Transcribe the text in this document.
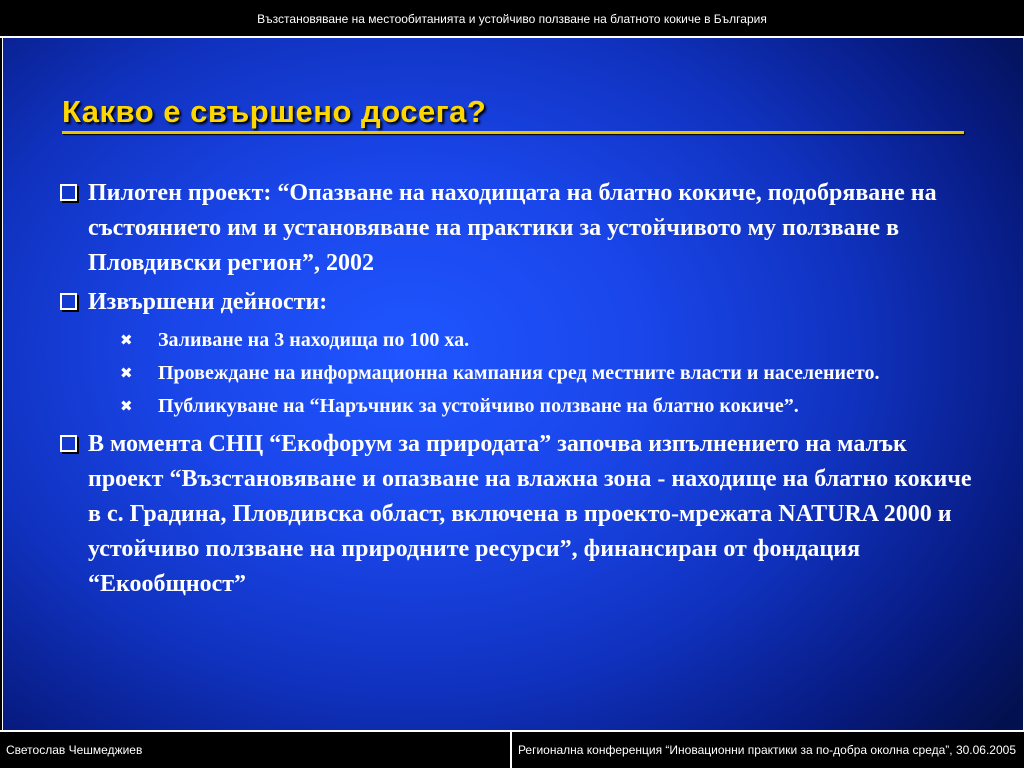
Възстановяване на местообитанията и устойчиво ползване на блатното кокиче в България
Какво е свършено досега?
Пилотен проект: “Опазване на находищата на блатно кокиче, подобряване на състоянието им и установяване на практики за устойчивото му ползване в Пловдивски регион”, 2002
Извършени дейности:
✖ Заливане на 3 находища по 100 ха.
✖ Провеждане на информационна кампания сред местните власти и населението.
✖ Публикуване на “Наръчник за устойчиво ползване на блатно кокиче”.
В момента СНЦ “Екофорум за природата” започва изпълнението на малък проект “Възстановяване и опазване на влажна зона - находище на блатно кокиче в с. Градина, Пловдивска област, включена в проекто-мрежата NATURA 2000 и устойчиво ползване на природните ресурси”, финансиран от фондация “Екообщност”
Светослав Чешмеджиев	Регионална конференция “Иновационни практики за по-добра околна среда”, 30.06.2005
